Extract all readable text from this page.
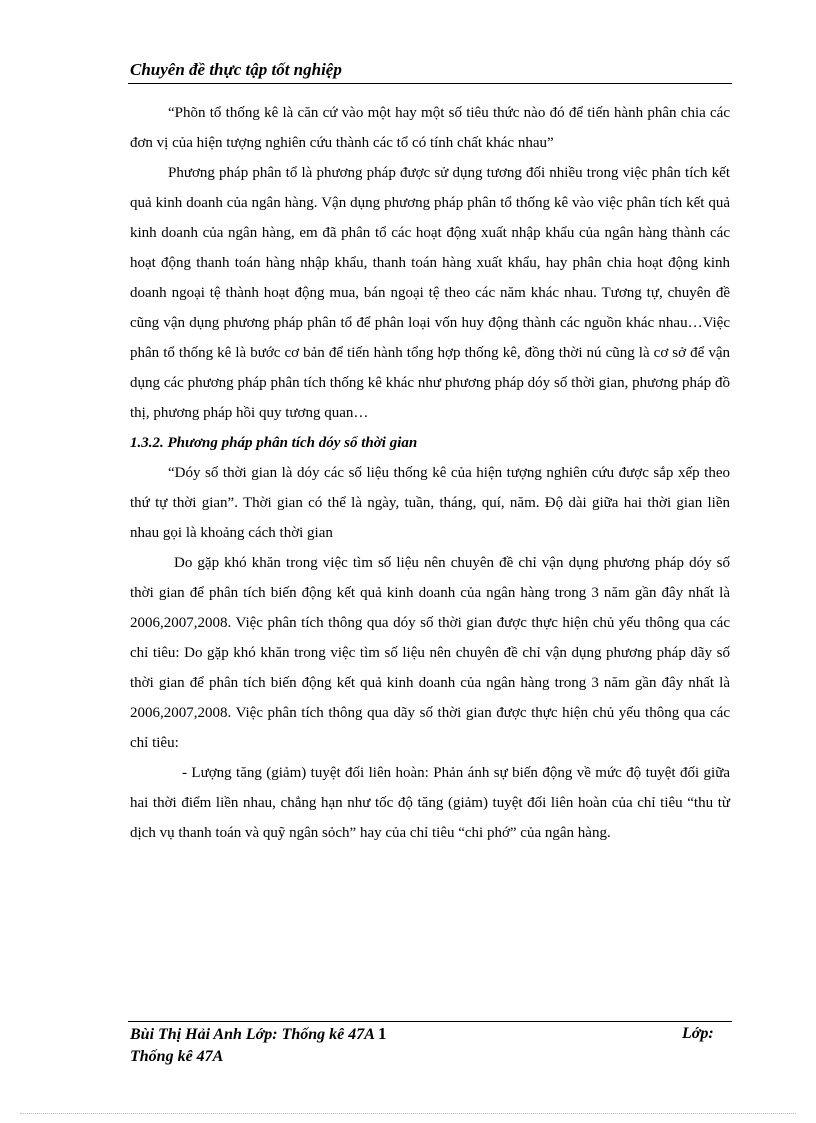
Chuyên đề thực tập tốt nghiệp

“Phõn tổ thống kê là căn cứ vào một hay một số tiêu thức nào đó để tiến hành phân chia các đơn vị của hiện tượng nghiên cứu thành các tổ có tính chất khác nhau”

Phương pháp phân tổ là phương pháp được sử dụng tương đối nhiều trong việc phân tích kết quả kinh doanh của ngân hàng. Vận dụng phương pháp phân tổ thống kê vào việc phân tích kết quả kinh doanh của ngân hàng, em đã phân tổ các hoạt động xuất nhập khẩu của ngân hàng thành các hoạt động thanh toán hàng nhập khẩu, thanh toán hàng xuất khẩu, hay phân chia hoạt động kinh doanh ngoại tệ thành hoạt động mua, bán ngoại tệ theo các năm khác nhau. Tương tự, chuyên đề cũng vận dụng phương pháp phân tổ để phân loại vốn huy động thành các nguồn khác nhau…Việc phân tổ thống kê là bước cơ bản để tiến hành tổng hợp thống kê, đồng thời nú cũng là cơ sở để vận dụng các phương pháp phân tích thống kê khác như phương pháp dóy số thời gian, phương pháp đồ thị, phương pháp hồi quy tương quan…

1.3.2. Phương pháp phân tích dóy số thời gian

“Dóy số thời gian là dóy các số liệu thống kê của hiện tượng nghiên cứu được sắp xếp theo thứ tự thời gian”. Thời gian có thể là ngày, tuần, tháng, quí, năm. Độ dài giữa hai thời gian liền nhau gọi là khoảng cách thời gian

Do gặp khó khăn trong việc tìm số liệu nên chuyên đề chỉ vận dụng phương pháp dóy số thời gian để phân tích biến động kết quả kinh doanh của ngân hàng trong 3 năm gần đây nhất là 2006,2007,2008. Việc phân tích thông qua dóy số thời gian được thực hiện chủ yếu thông qua các chỉ tiêu: Do gặp khó khăn trong việc tìm số liệu nên chuyên đề chỉ vận dụng phương pháp dãy số thời gian để phân tích biến động kết quả kinh doanh của ngân hàng trong 3 năm gần đây nhất là 2006,2007,2008. Việc phân tích thông qua dãy số thời gian được thực hiện chủ yếu thông qua các chỉ tiêu:

- Lượng tăng (giảm) tuyệt đối liên hoàn: Phản ánh sự biến động về mức độ tuyệt đối giữa hai thời điểm liền nhau, chẳng hạn như tốc độ tăng (giảm) tuyệt đối liên hoàn của chỉ tiêu “thu từ dịch vụ thanh toán và quỹ ngân sỏch” hay của chỉ tiêu “chi phớ” của ngân hàng.

Bùi Thị Hải Anh Lớp: Thống kê 47A 1	Lớp:
Thống kê 47A
